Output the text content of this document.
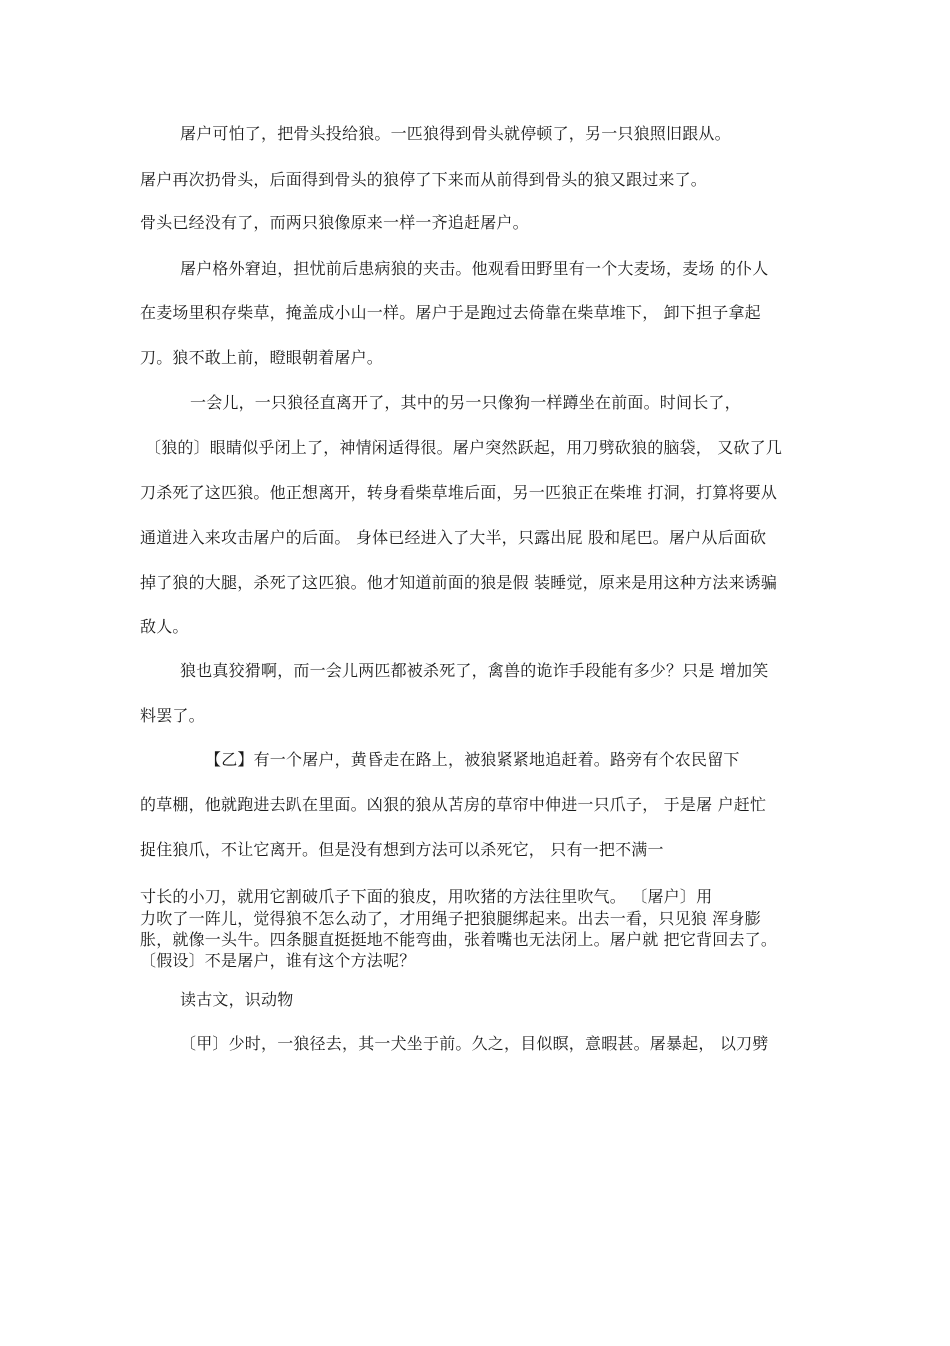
屠户可怕了，把骨头投给狼。一匹狼得到骨头就停顿了，另一只狼照旧跟从。
屠户再次扔骨头，后面得到骨头的狼停了下来而从前得到骨头的狼又跟过来了。
骨头已经没有了，而两只狼像原来一样一齐追赶屠户。
屠户格外窘迫，担忧前后患病狼的夹击。他观看田野里有一个大麦场，麦场 的仆人
在麦场里积存柴草，掩盖成小山一样。屠户于是跑过去倚靠在柴草堆下， 卸下担子拿起
刀。狼不敢上前，瞪眼朝着屠户。
一会儿，一只狼径直离开了，其中的另一只像狗一样蹲坐在前面。时间长了，
〔狼的〕眼睛似乎闭上了，神情闲适得很。屠户突然跃起，用刀劈砍狼的脑袋， 又砍了几
刀杀死了这匹狼。他正想离开，转身看柴草堆后面，另一匹狼正在柴堆 打洞，打算将要从
通道进入来攻击屠户的后面。 身体已经进入了大半，只露出屁 股和尾巴。屠户从后面砍
掉了狼的大腿，杀死了这匹狼。他才知道前面的狼是假 装睡觉，原来是用这种方法来诱骗
敌人。
狼也真狡猾啊，而一会儿两匹都被杀死了，禽兽的诡诈手段能有多少？只是 增加笑
料罢了。
【乙】有一个屠户，黄昏走在路上，被狼紧紧地追赶着。路旁有个农民留下
的草棚，他就跑进去趴在里面。凶狠的狼从苫房的草帘中伸进一只爪子， 于是屠 户赶忙
捉住狼爪，不让它离开。但是没有想到方法可以杀死它， 只有一把不满一
寸长的小刀，就用它割破爪子下面的狼皮，用吹猪的方法往里吹气。 〔屠户〕用
力吹了一阵儿，觉得狼不怎么动了，才用绳子把狼腿绑起来。出去一看，只见狼 浑身膨
胀，就像一头牛。四条腿直挺挺地不能弯曲，张着嘴也无法闭上。屠户就 把它背回去了。
〔假设〕不是屠户，谁有这个方法呢？
读古文，识动物
〔甲〕少时，一狼径去，其一犬坐于前。久之，目似瞑，意暇甚。屠暴起， 以刀劈
